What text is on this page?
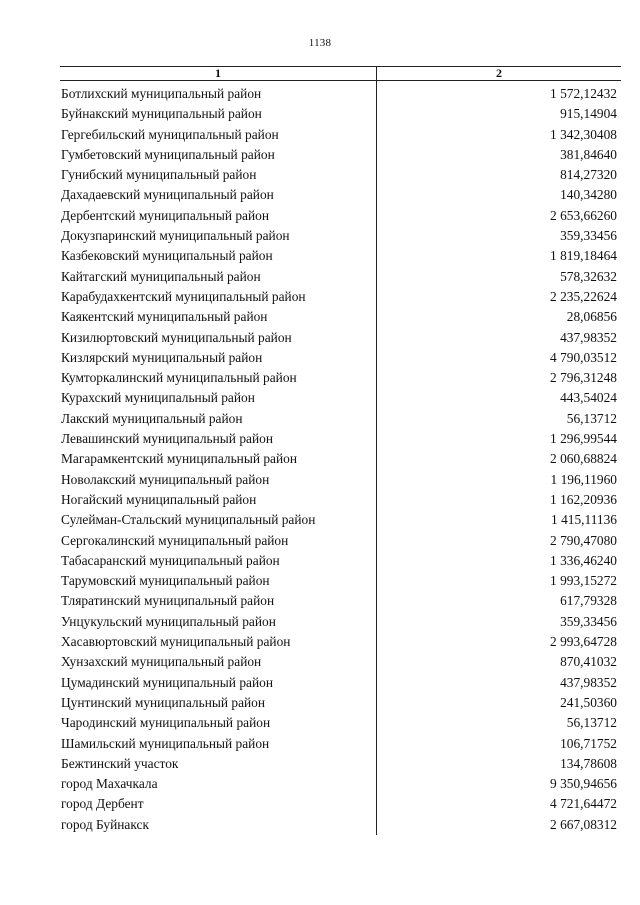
1138
1	2
Ботлихский муниципальный район	1 572,12432
Буйнакский муниципальный район	915,14904
Гергебильский муниципальный район	1 342,30408
Гумбетовский муниципальный район	381,84640
Гунибский муниципальный район	814,27320
Дахадаевский муниципальный район	140,34280
Дербентский муниципальный район	2 653,66260
Докузпаринский муниципальный район	359,33456
Казбековский муниципальный район	1 819,18464
Кайтагский муниципальный район	578,32632
Карабудахкентский муниципальный район	2 235,22624
Каякентский муниципальный район	28,06856
Кизилюртовский муниципальный район	437,98352
Кизлярский муниципальный район	4 790,03512
Кумторкалинский муниципальный район	2 796,31248
Курахский муниципальный район	443,54024
Лакский муниципальный район	56,13712
Левашинский муниципальный район	1 296,99544
Магарамкентский муниципальный район	2 060,68824
Новолакский муниципальный район	1 196,11960
Ногайский муниципальный район	1 162,20936
Сулейман-Стальский муниципальный район	1 415,11136
Сергокалинский муниципальный район	2 790,47080
Табасаранский муниципальный район	1 336,46240
Тарумовский муниципальный район	1 993,15272
Тляратинский муниципальный район	617,79328
Унцукульский муниципальный район	359,33456
Хасавюртовский муниципальный район	2 993,64728
Хунзахский муниципальный район	870,41032
Цумадинский муниципальный район	437,98352
Цунтинский муниципальный район	241,50360
Чародинский муниципальный район	56,13712
Шамильский муниципальный район	106,71752
Бежтинский участок	134,78608
город Махачкала	9 350,94656
город Дербент	4 721,64472
город Буйнакск	2 667,08312
